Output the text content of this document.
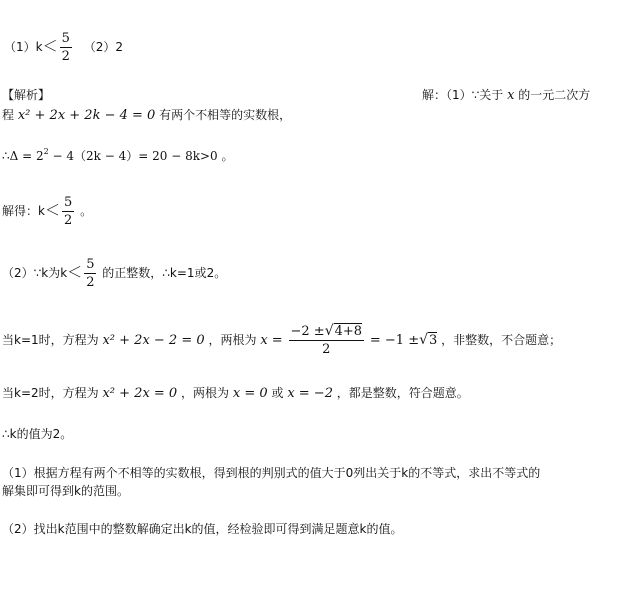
$(1)k< \frac{5}{2} (2)2$
【解析】	解：（1）∵关于 x 的一元二次方
程 x² + 2x + 2k − 4 = 0 有两个不相等的实数根，
∴Δ = $2^2 - 4(2k - 4)= 20 - 8k>0$ 。
解得：$k< \frac{5}{2}$ 。
（2）∵k为$k< \frac{5}{2}$ 的正整数，∴k=1或2。
当k=1时，方程为 x² + 2x − 2 = 0 ，两根为 $x = \frac{-2 \pm√4+8}{2} = -1 \pm√3$ ，非整数，不合题意；
当k=2时，方程为 x² + 2x = 0 ，两根为 x = 0 或 x = −2 ，都是整数，符合题意。
∴k的值为2。
（1）根据方程有两个不相等的实数根，得到根的判别式的值大于0列出关于k的不等式，求出不等式的
解集即可得到k的范围。
（2）找出k范围中的整数解确定出k的值，经检验即可得到满足题意k的值。
